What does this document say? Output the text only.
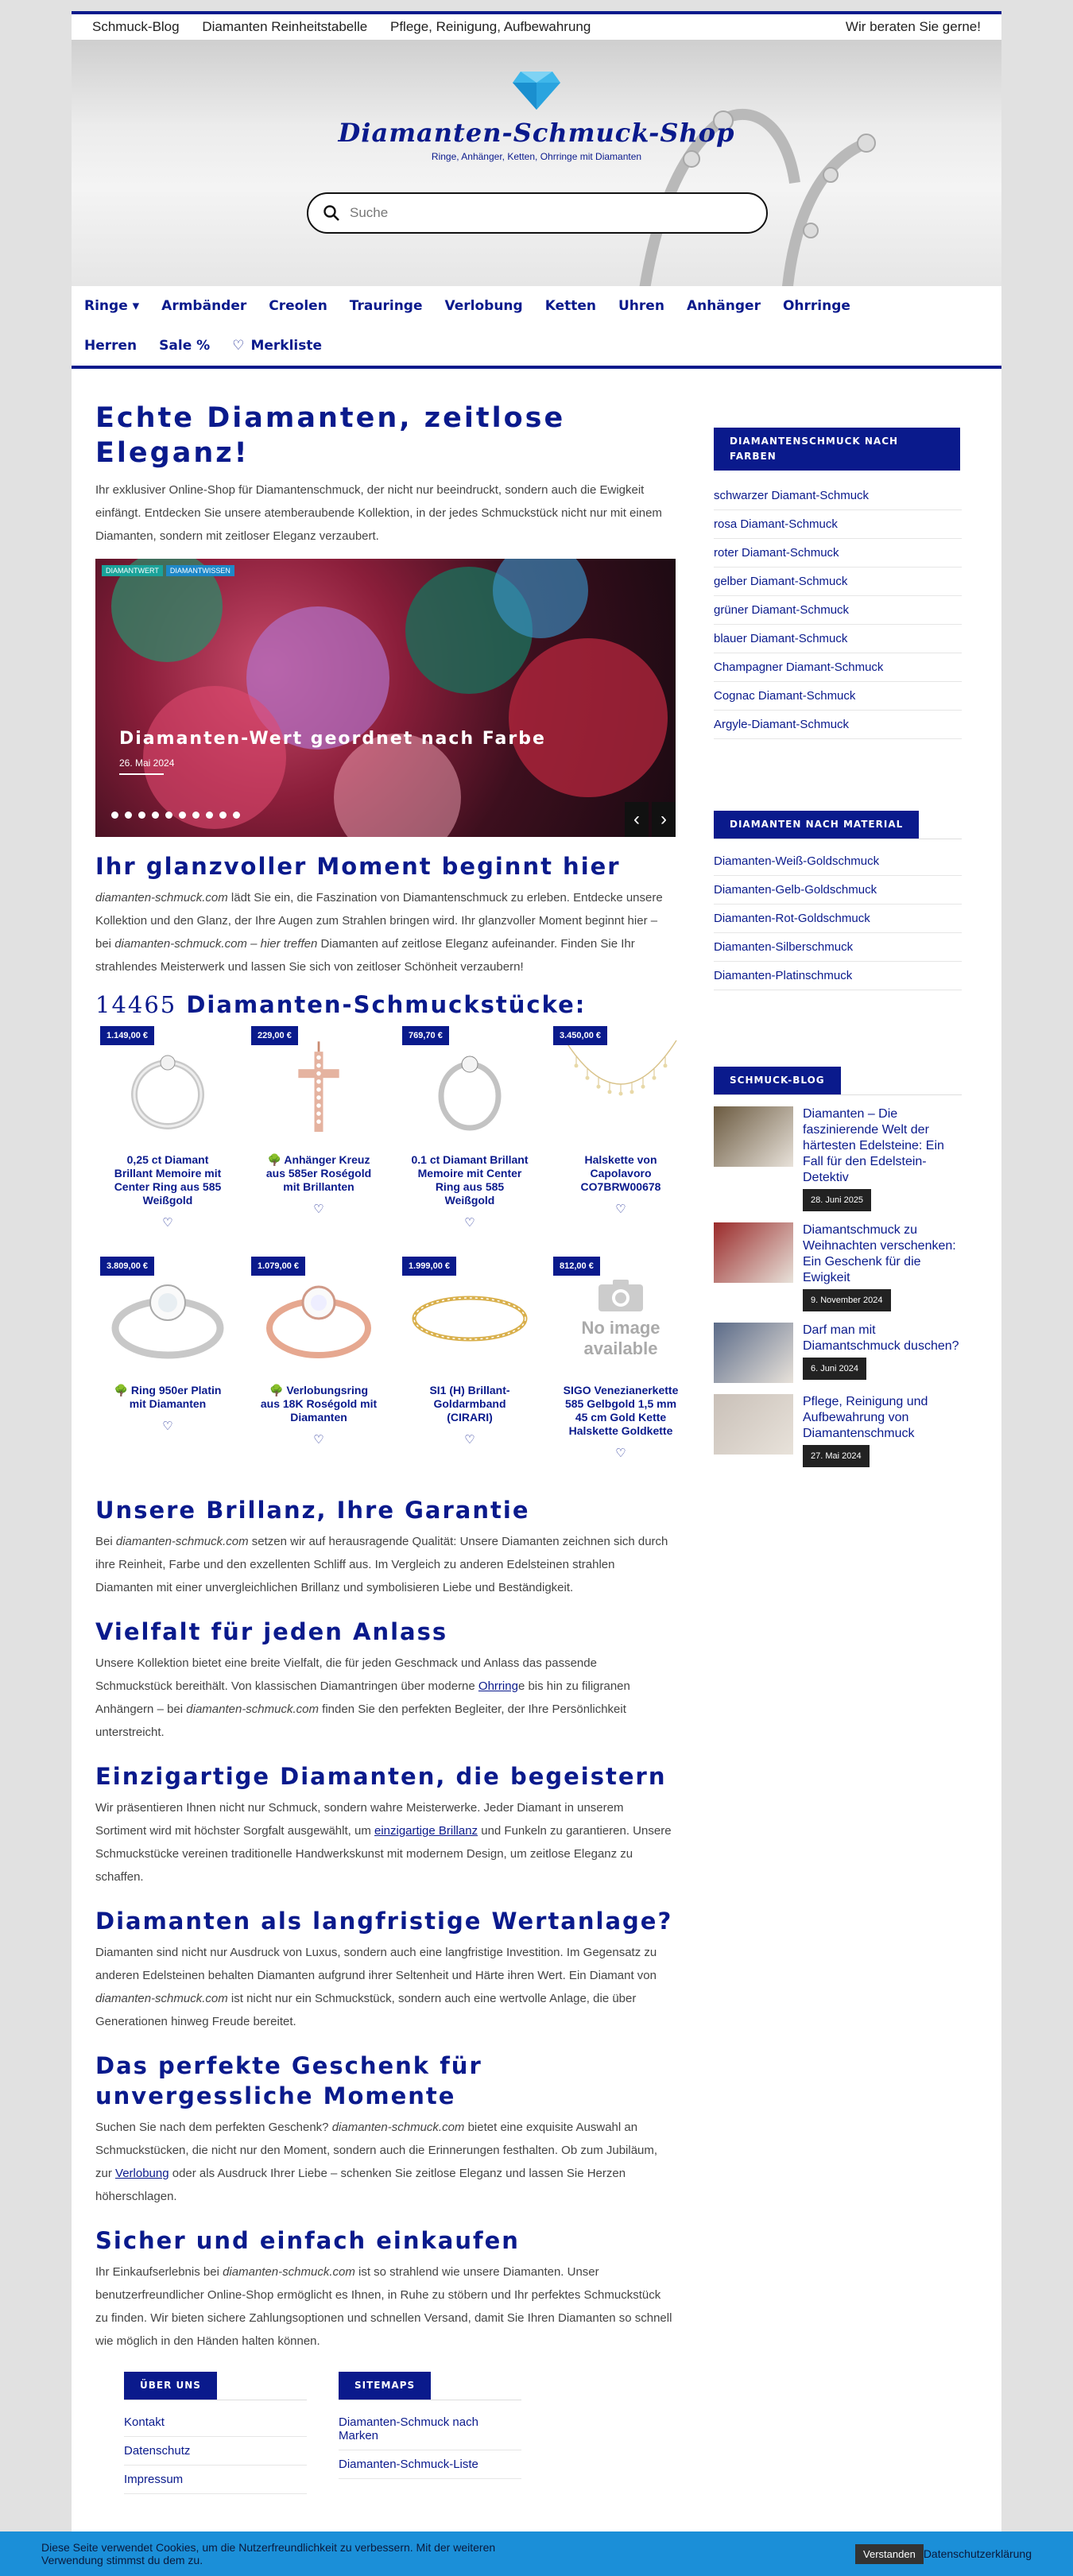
Schmuck-Blog Diamanten Reinheitstabelle Pflege, Reinigung, Aufbewahrung	Wir beraten Sie gerne!
Diamanten-Schmuck-Shop
Ringe, Anhänger, Ketten, Ohrringe mit Diamanten
Suche
Ringe ▾ Armbänder Creolen Trauringe Verlobung Ketten Uhren Anhänger Ohrringe
Herren Sale % ♡ Merkliste
Echte Diamanten, zeitlose Eleganz!
Ihr exklusiver Online-Shop für Diamantenschmuck, der nicht nur beeindruckt, sondern auch die Ewigkeit einfängt. Entdecken Sie unsere atemberaubende Kollektion, in der jedes Schmuckstück nicht nur mit einem Diamanten, sondern mit zeitloser Eleganz verzaubert.
DIAMANTWERT	DIAMANTWISSEN
Diamanten-Wert geordnet nach Farbe
26. Mai 2024
‹	›
Ihr glanzvoller Moment beginnt hier
diamanten-schmuck.com lädt Sie ein, die Faszination von Diamantenschmuck zu erleben. Entdecke unsere Kollektion und den Glanz, der Ihre Augen zum Strahlen bringen wird. Ihr glanzvoller Moment beginnt hier – bei diamanten-schmuck.com – hier treffen Diamanten auf zeitlose Eleganz aufeinander. Finden Sie Ihr strahlendes Meisterwerk und lassen Sie sich von zeitloser Schönheit verzaubern!
14465 Diamanten-Schmuckstücke:
1.149,00 €
0,25 ct Diamant Brillant Memoire mit Center Ring aus 585 Weißgold
♡
229,00 €
🌳 Anhänger Kreuz aus 585er Roségold mit Brillanten
♡
769,70 €
0.1 ct Diamant Brillant Memoire mit Center Ring aus 585 Weißgold
♡
3.450,00 €
Halskette von Capolavoro CO7BRW00678
♡
3.809,00 €
🌳 Ring 950er Platin mit Diamanten
♡
1.079,00 €
🌳 Verlobungsring aus 18K Roségold mit Diamanten
♡
1.999,00 €
SI1 (H) Brillant-Goldarmband (CIRARI)
♡
812,00 €
No image
available
SIGO Venezianerkette 585 Gelbgold 1,5 mm 45 cm Gold Kette Halskette Goldkette
♡
Unsere Brillanz, Ihre Garantie
Bei diamanten-schmuck.com setzen wir auf herausragende Qualität: Unsere Diamanten zeichnen sich durch ihre Reinheit, Farbe und den exzellenten Schliff aus. Im Vergleich zu anderen Edelsteinen strahlen Diamanten mit einer unvergleichlichen Brillanz und symbolisieren Liebe und Beständigkeit.
Vielfalt für jeden Anlass
Unsere Kollektion bietet eine breite Vielfalt, die für jeden Geschmack und Anlass das passende Schmuckstück bereithält. Von klassischen Diamantringen über moderne Ohrringe bis hin zu filigranen Anhängern – bei diamanten-schmuck.com finden Sie den perfekten Begleiter, der Ihre Persönlichkeit unterstreicht.
Einzigartige Diamanten, die begeistern
Wir präsentieren Ihnen nicht nur Schmuck, sondern wahre Meisterwerke. Jeder Diamant in unserem Sortiment wird mit höchster Sorgfalt ausgewählt, um einzigartige Brillanz und Funkeln zu garantieren. Unsere Schmuckstücke vereinen traditionelle Handwerkskunst mit modernem Design, um zeitlose Eleganz zu schaffen.
Diamanten als langfristige Wertanlage?
Diamanten sind nicht nur Ausdruck von Luxus, sondern auch eine langfristige Investition. Im Gegensatz zu anderen Edelsteinen behalten Diamanten aufgrund ihrer Seltenheit und Härte ihren Wert. Ein Diamant von diamanten-schmuck.com ist nicht nur ein Schmuckstück, sondern auch eine wertvolle Anlage, die über Generationen hinweg Freude bereitet.
Das perfekte Geschenk für unvergessliche Momente
Suchen Sie nach dem perfekten Geschenk? diamanten-schmuck.com bietet eine exquisite Auswahl an Schmuckstücken, die nicht nur den Moment, sondern auch die Erinnerungen festhalten. Ob zum Jubiläum, zur Verlobung oder als Ausdruck Ihrer Liebe – schenken Sie zeitlose Eleganz und lassen Sie Herzen höherschlagen.
Sicher und einfach einkaufen
Ihr Einkaufserlebnis bei diamanten-schmuck.com ist so strahlend wie unsere Diamanten. Unser benutzerfreundlicher Online-Shop ermöglicht es Ihnen, in Ruhe zu stöbern und Ihr perfektes Schmuckstück zu finden. Wir bieten sichere Zahlungsoptionen und schnellen Versand, damit Sie Ihren Diamanten so schnell wie möglich in den Händen halten können.
DIAMANTENSCHMUCK NACH FARBEN
schwarzer Diamant-Schmuck
rosa Diamant-Schmuck
roter Diamant-Schmuck
gelber Diamant-Schmuck
grüner Diamant-Schmuck
blauer Diamant-Schmuck
Champagner Diamant-Schmuck
Cognac Diamant-Schmuck
Argyle-Diamant-Schmuck
DIAMANTEN NACH MATERIAL
Diamanten-Weiß-Goldschmuck
Diamanten-Gelb-Goldschmuck
Diamanten-Rot-Goldschmuck
Diamanten-Silberschmuck
Diamanten-Platinschmuck
SCHMUCK-BLOG
Diamanten – Die faszinierende Welt der härtesten Edelsteine: Ein Fall für den Edelstein-Detektiv
28. Juni 2025
Diamantschmuck zu Weihnachten verschenken: Ein Geschenk für die Ewigkeit
9. November 2024
Darf man mit Diamantschmuck duschen?
6. Juni 2024
Pflege, Reinigung und Aufbewahrung von Diamantenschmuck
27. Mai 2024
ÜBER UNS
Kontakt
Datenschutz
Impressum
SITEMAPS
Diamanten-Schmuck nach Marken
Diamanten-Schmuck-Liste
Diese Seite verwendet Cookies, um die Nutzerfreundlichkeit zu verbessern. Mit der weiteren Verwendung stimmst du dem zu.	Verstanden Datenschutzerklärung
